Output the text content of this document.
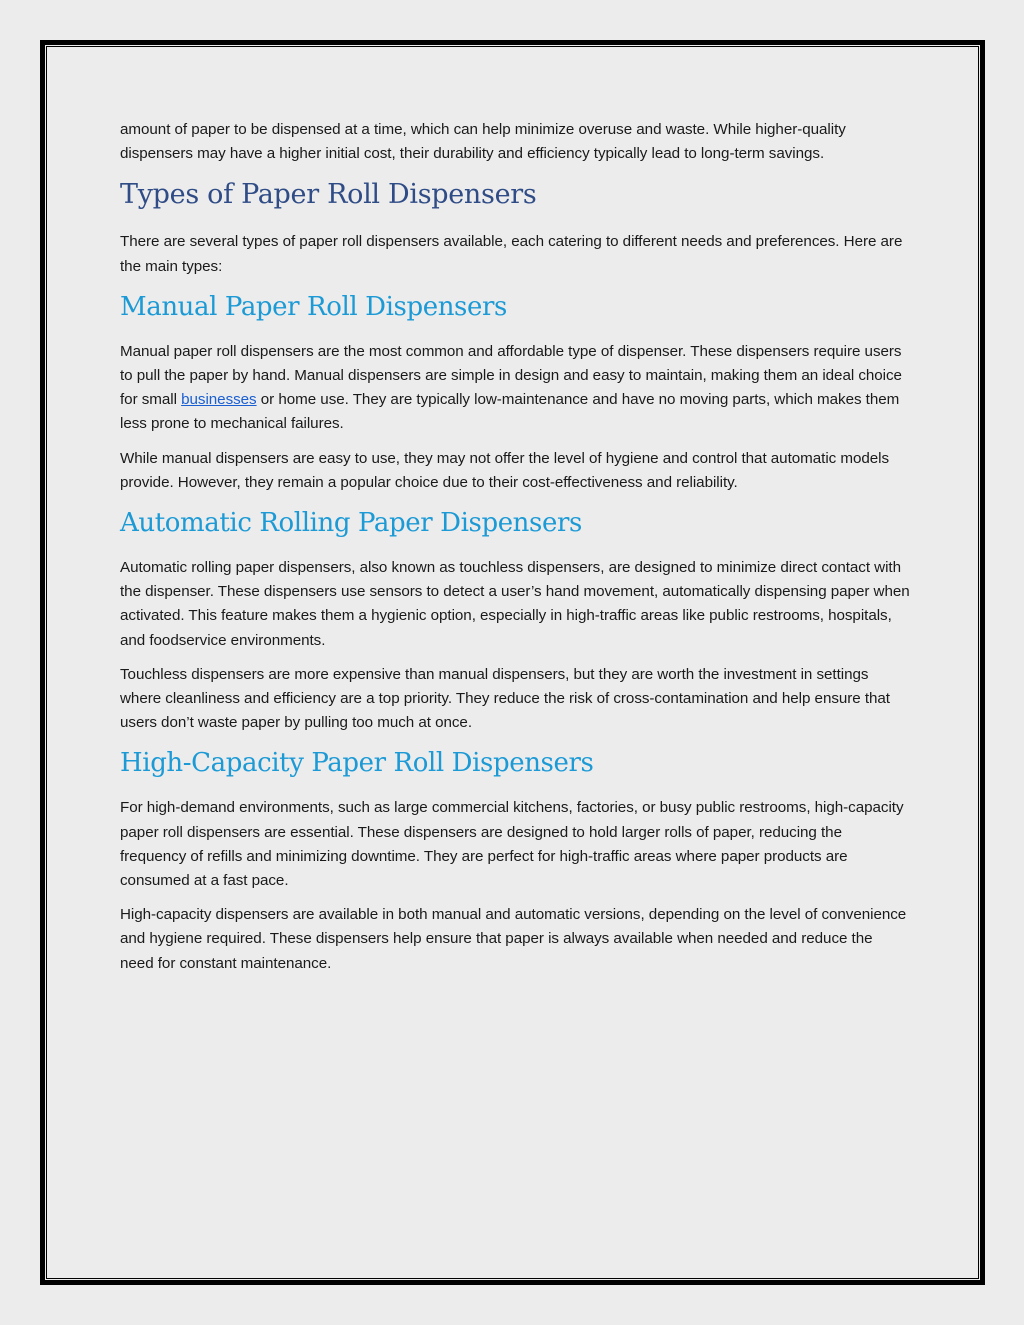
amount of paper to be dispensed at a time, which can help minimize overuse and waste. While higher-quality dispensers may have a higher initial cost, their durability and efficiency typically lead to long-term savings.

Types of Paper Roll Dispensers

There are several types of paper roll dispensers available, each catering to different needs and preferences. Here are the main types:

Manual Paper Roll Dispensers

Manual paper roll dispensers are the most common and affordable type of dispenser. These dispensers require users to pull the paper by hand. Manual dispensers are simple in design and easy to maintain, making them an ideal choice for small businesses or home use. They are typically low-maintenance and have no moving parts, which makes them less prone to mechanical failures.

While manual dispensers are easy to use, they may not offer the level of hygiene and control that automatic models provide. However, they remain a popular choice due to their cost-effectiveness and reliability.

Automatic Rolling Paper Dispensers

Automatic rolling paper dispensers, also known as touchless dispensers, are designed to minimize direct contact with the dispenser. These dispensers use sensors to detect a user’s hand movement, automatically dispensing paper when activated. This feature makes them a hygienic option, especially in high-traffic areas like public restrooms, hospitals, and foodservice environments.

Touchless dispensers are more expensive than manual dispensers, but they are worth the investment in settings where cleanliness and efficiency are a top priority. They reduce the risk of cross-contamination and help ensure that users don’t waste paper by pulling too much at once.

High-Capacity Paper Roll Dispensers

For high-demand environments, such as large commercial kitchens, factories, or busy public restrooms, high-capacity paper roll dispensers are essential. These dispensers are designed to hold larger rolls of paper, reducing the frequency of refills and minimizing downtime. They are perfect for high-traffic areas where paper products are consumed at a fast pace.

High-capacity dispensers are available in both manual and automatic versions, depending on the level of convenience and hygiene required. These dispensers help ensure that paper is always available when needed and reduce the need for constant maintenance.
